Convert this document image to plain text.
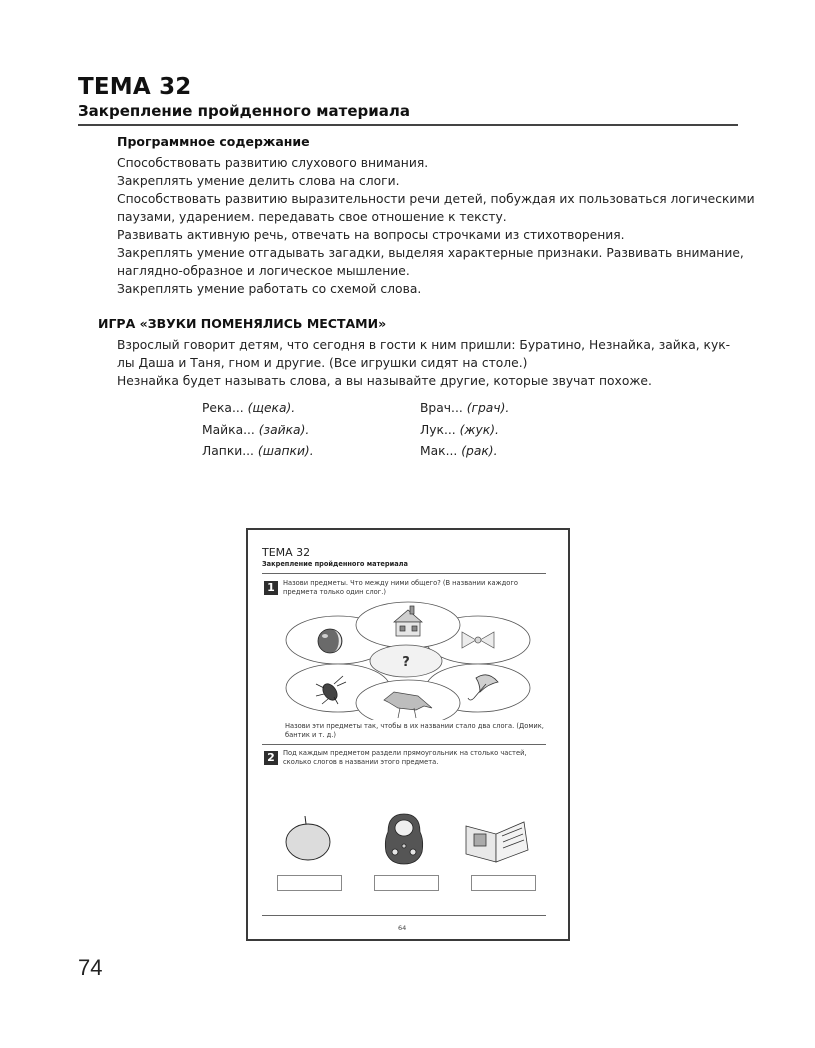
ТЕМА 32
Закрепление пройденного материала
Программное содержание
Способствовать развитию слухового внимания.
Закреплять умение делить слова на слоги.
Способствовать развитию выразительности речи детей, побуждая их пользоваться логическими
паузами, ударением. передавать свое отношение к тексту.
Развивать активную речь, отвечать на вопросы строчками из стихотворения.
Закреплять умение отгадывать загадки, выделяя характерные признаки. Развивать внимание,
наглядно-образное и логическое мышление.
Закреплять умение работать со схемой слова.
ИГРА «ЗВУКИ ПОМЕНЯЛИСЬ МЕСТАМИ»
Взрослый говорит детям, что сегодня в гости к ним пришли: Буратино, Незнайка, зайка, кук-
лы Даша и Таня, гном и другие. (Все игрушки сидят на столе.)
Незнайка будет называть слова, а вы называйте другие, которые звучат похоже.
Река... (щека).
Майка... (зайка).
Лапки... (шапки).
Врач... (грач).
Лук... (жук).
Мак... (рак).
ТЕМА 32
Закрепление пройденного материала
1	Назови предметы. Что между ними общего? (В названии каждого
предмета только один слог.)
?
Назови эти предметы так, чтобы в их названии стало два слога. (Домик,
бантик и т. д.)
2	Под каждым предметом раздели прямоугольник на столько частей,
сколько слогов в названии этого предмета.
64
74
